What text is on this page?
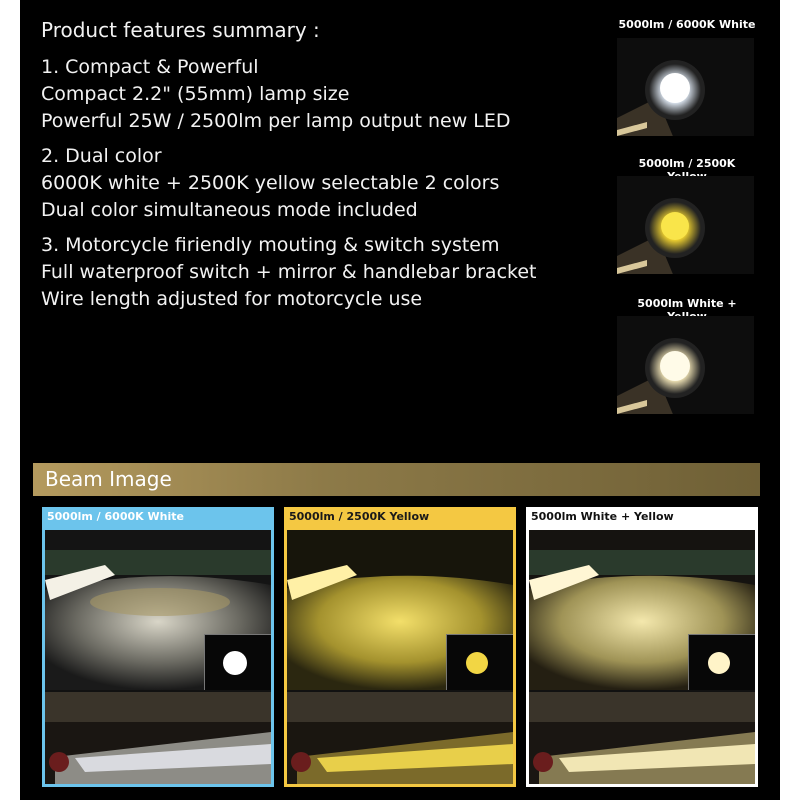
Product features summary :
1. Compact & Powerful
Compact 2.2" (55mm) lamp size
Powerful 25W / 2500lm per lamp output new LED
2. Dual color
6000K white + 2500K yellow selectable 2 colors
Dual color simultaneous mode included
3. Motorcycle firiendly mouting & switch system
Full waterproof switch + mirror & handlebar bracket
Wire length adjusted for motorcycle use
5000lm / 6000K White
5000lm / 2500K
5000lm White +
Beam Image
5000lm / 6000K White	5000lm / 2500K Yellow	5000lm White + Yellow
